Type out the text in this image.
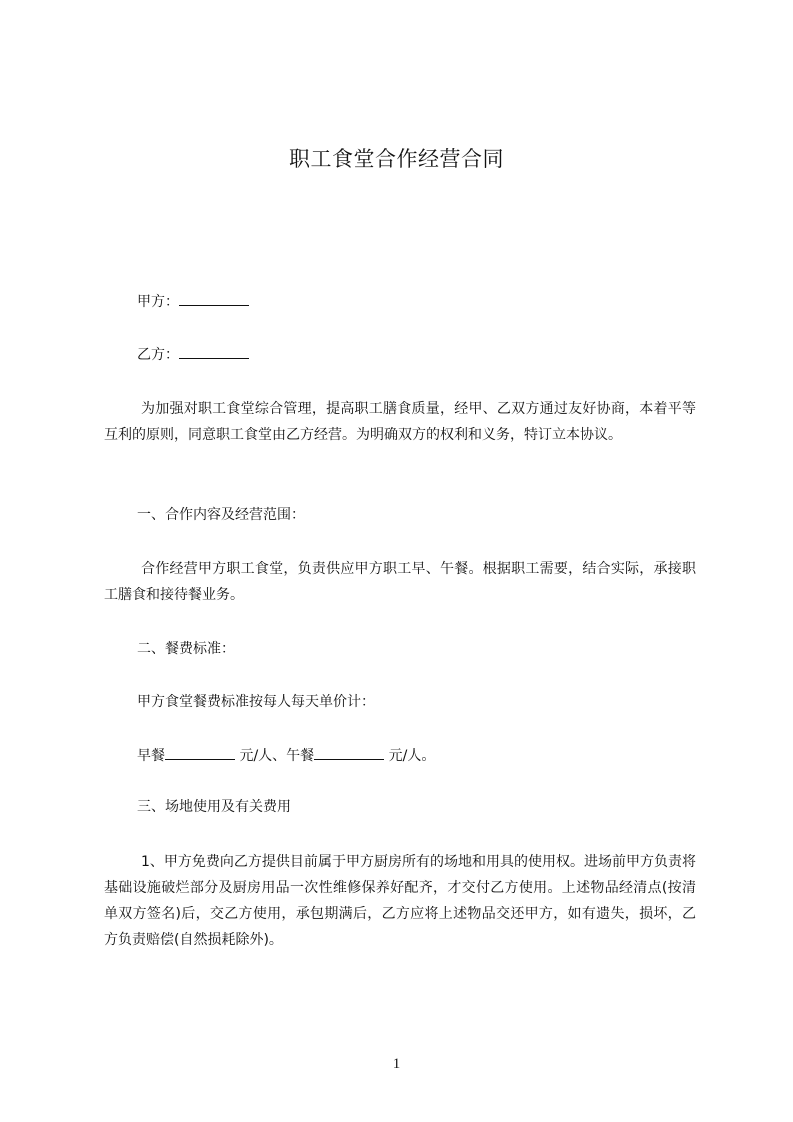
职工食堂合作经营合同
甲方：
乙方：

为加强对职工食堂综合管理，提高职工膳食质量，经甲、乙双方通过友好协商，本着平等互利的原则，同意职工食堂由乙方经营。为明确双方的权利和义务，特订立本协议。

一、合作内容及经营范围：

合作经营甲方职工食堂，负责供应甲方职工早、午餐。根据职工需要，结合实际，承接职工膳食和接待餐业务。

二、餐费标准：
甲方食堂餐费标准按每人每天单价计：
早餐	元/人、午餐	元/人。
三、场地使用及有关费用

1、甲方免费向乙方提供目前属于甲方厨房所有的场地和用具的使用权。进场前甲方负责将基础设施破烂部分及厨房用品一次性维修保养好配齐，才交付乙方使用。上述物品经清点(按清单双方签名)后，交乙方使用，承包期满后，乙方应将上述物品交还甲方，如有遗失，损坏，乙方负责赔偿(自然损耗除外)。

1
